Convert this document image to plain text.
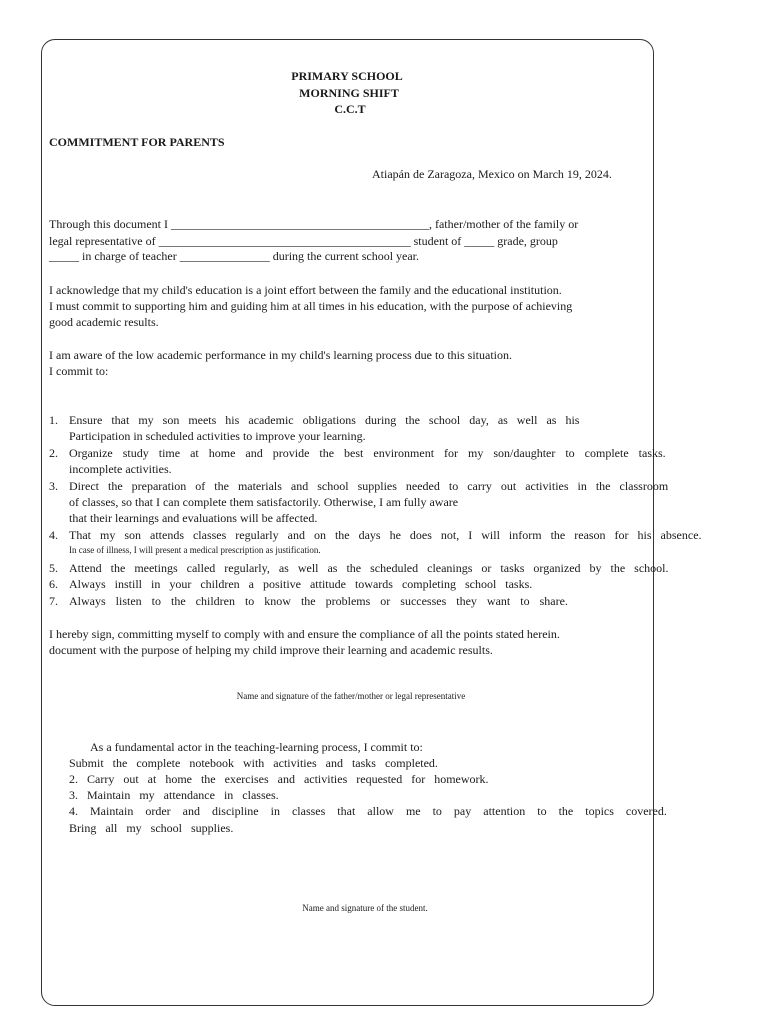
PRIMARY SCHOOL
MORNING SHIFT
C.C.T
COMMITMENT FOR PARENTS
Atiapán de Zaragoza, Mexico on March 19, 2024.
Through this document I ___________________________________________, father/mother of the family or
legal representative of __________________________________________ student of _____ grade, group
_____ in charge of teacher _______________ during the current school year.
I acknowledge that my child's education is a joint effort between the family and the educational institution.
I must commit to supporting him and guiding him at all times in his education, with the purpose of achieving
good academic results.
I am aware of the low academic performance in my child's learning process due to this situation.
I commit to:
1. Ensure that my son meets his academic obligations during the school day, as well as his
Participation in scheduled activities to improve your learning.
2. Organize study time at home and provide the best environment for my son/daughter to complete tasks.
incomplete activities.
3. Direct the preparation of the materials and school supplies needed to carry out activities in the classroom
of classes, so that I can complete them satisfactorily. Otherwise, I am fully aware
that their learnings and evaluations will be affected.
4. That my son attends classes regularly and on the days he does not, I will inform the reason for his absence.
In case of illness, I will present a medical prescription as justification.
5. Attend the meetings called regularly, as well as the scheduled cleanings or tasks organized by the school.
6. Always instill in your children a positive attitude towards completing school tasks.
7. Always listen to the children to know the problems or successes they want to share.
I hereby sign, committing myself to comply with and ensure the compliance of all the points stated herein.
document with the purpose of helping my child improve their learning and academic results.
Name and signature of the father/mother or legal representative
As a fundamental actor in the teaching-learning process, I commit to:
Submit the complete notebook with activities and tasks completed.
2. Carry out at home the exercises and activities requested for homework.
3. Maintain my attendance in classes.
4. Maintain order and discipline in classes that allow me to pay attention to the topics covered.
Bring all my school supplies.
Name and signature of the student.
